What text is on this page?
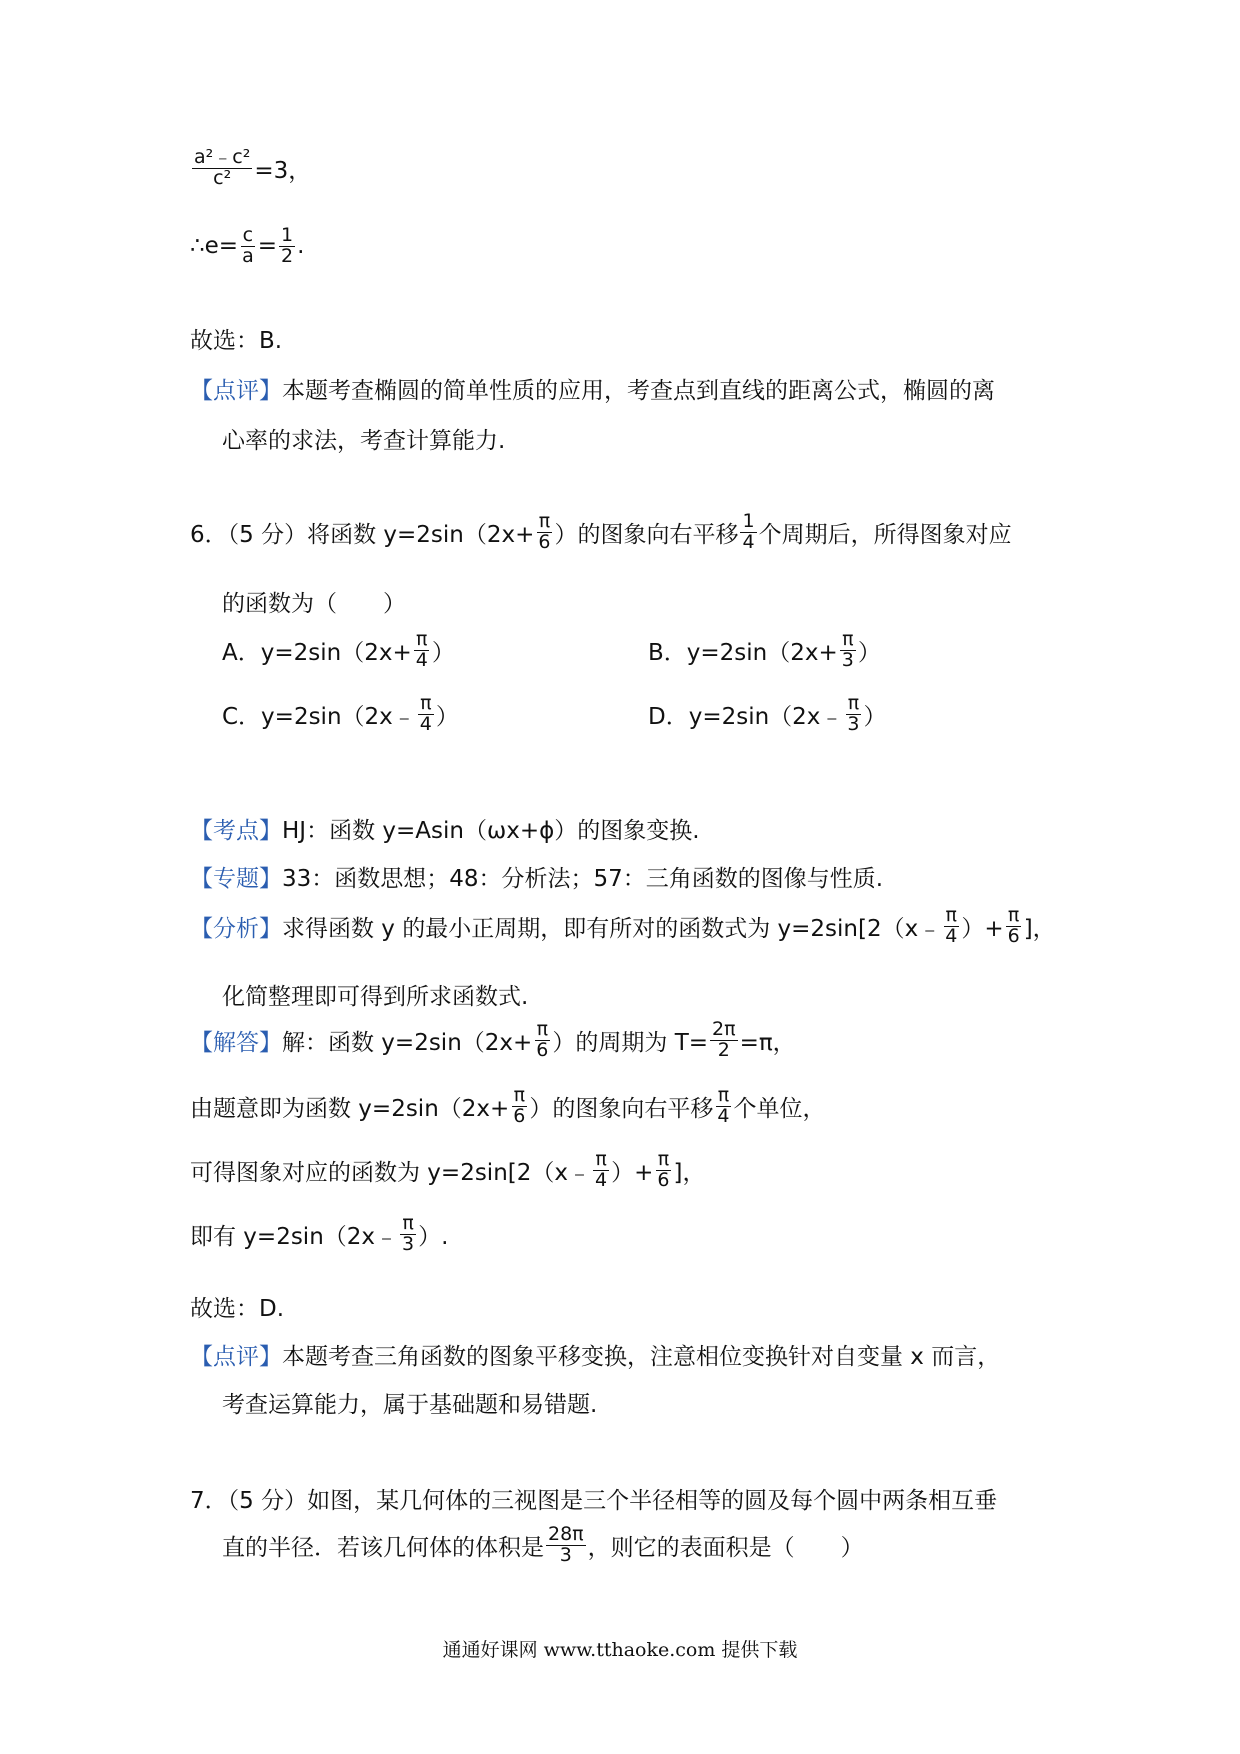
$\frac{\text{a²﹣c²}}{\text{c²}} =3$，
∴e= $\frac{c}{a} = \frac{1}{2}$ .
故选：B.
【 点评 】 本题考查椭圆的简单性质的应用，考查点到直线的距离公式，椭圆的离
心率的求法，考查计算能力.
6．（5 分）将函数 $y=2\sin(2x+ \frac{\pi}{6}$ ）的图象向右平移 $\frac{1}{4}$ 个周期后，所得图象对应
的函数为（　　）
A．$y=2\sin(2x+ \frac{\pi}{4}$ ）	B．$y=2\sin(2x+ \frac{\pi}{3}$ ）
C．y=2sin（2x﹣ $\frac{\pi}{4}$ ）	D．y=2sin（2x﹣ $\frac{\pi}{3}$ ）
【 考点 】 HJ：函数 y=Asin（ωx+ϕ）的图象变换.
【 专题 】 33：函数思想；48：分析法；57：三角函数的图像与性质.
【 分析 】 求得函数 y 的最小正周期，即有所对的函数式为 y=2sin[2（x﹣ $\frac{\pi}{4}$ ）+ $\frac{\pi}{6}$ ]，
化简整理即可得到所求函数式.
【 解答 】 解：函数 $y=2\sin(2x+ \frac{\pi}{6}$ ）的周期为 $T= \frac{2\pi}{2} =\pi$，
由题意即为函数 $y=2\sin(2x+ \frac{\pi}{6}$ ）的图象向右平移 $\frac{\pi}{4}$ 个单位，
可得图象对应的函数为 y=2sin[2（x﹣ $\frac{\pi}{4}$ ）+ $\frac{\pi}{6}$ ]，
即有 y=2sin（2x﹣ $\frac{\pi}{3}$ ）.
故选：D.
【 点评 】 本题考查三角函数的图象平移变换，注意相位变换针对自变量 x 而言，
考查运算能力，属于基础题和易错题.
7．（5 分）如图，某几何体的三视图是三个半径相等的圆及每个圆中两条相互垂
直的半径．若该几何体的体积是 $\frac{28\pi}{3}$ ，则它的表面积是（　　）
通通好课网 www.tthaoke.com 提供下载
